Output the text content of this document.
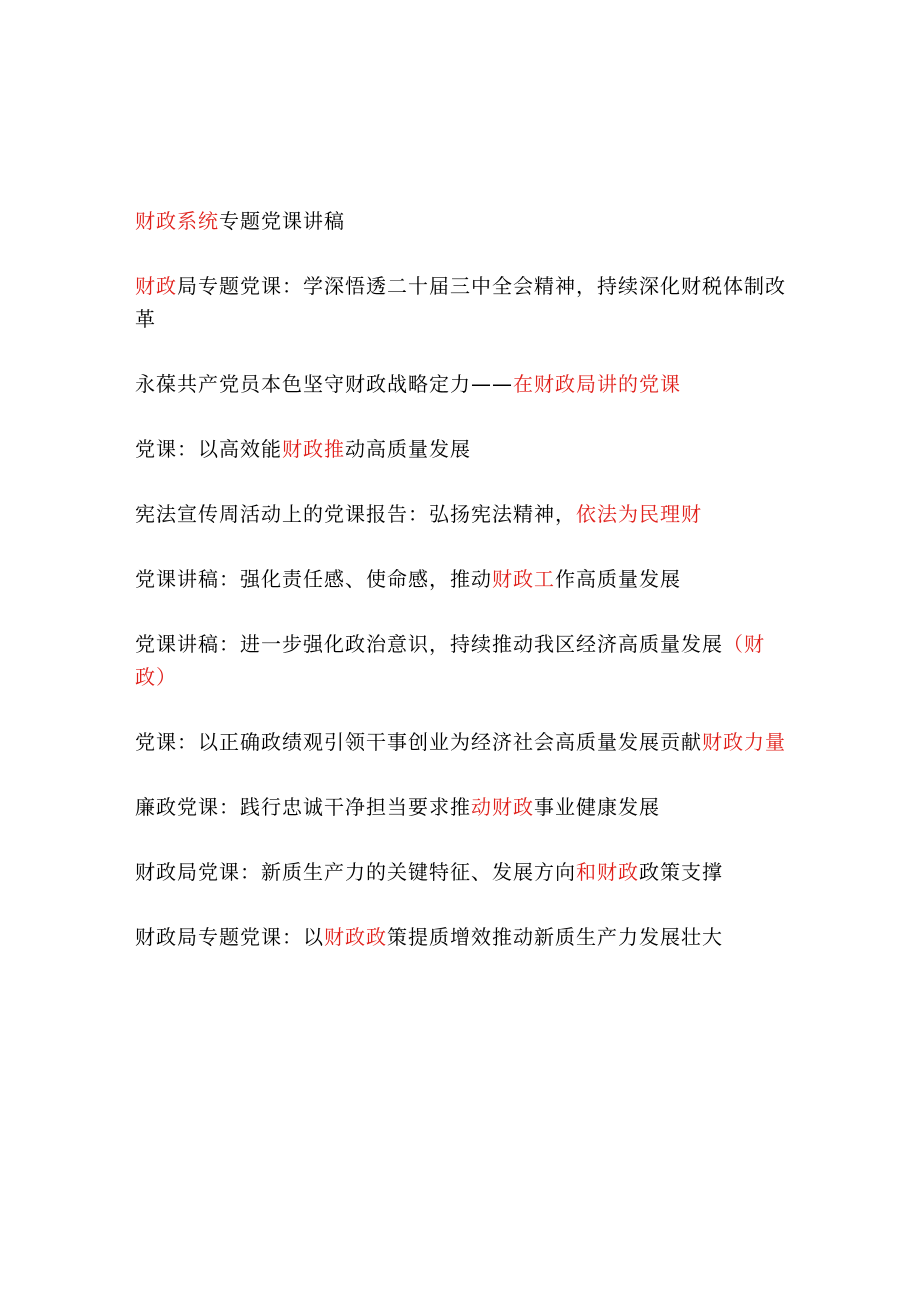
财政系统专题党课讲稿
财政局专题党课：学深悟透二十届三中全会精神，持续深化财税体制改革
永葆共产党员本色坚守财政战略定力——在财政局讲的党课
党课：以高效能财政推动高质量发展
宪法宣传周活动上的党课报告：弘扬宪法精神，依法为民理财
党课讲稿：强化责任感、使命感，推动财政工作高质量发展
党课讲稿：进一步强化政治意识，持续推动我区经济高质量发展（财政）
党课：以正确政绩观引领干事创业为经济社会高质量发展贡献财政力量
廉政党课：践行忠诚干净担当要求推动财政事业健康发展
财政局党课：新质生产力的关键特征、发展方向和财政政策支撑
财政局专题党课：以财政政策提质增效推动新质生产力发展壮大
